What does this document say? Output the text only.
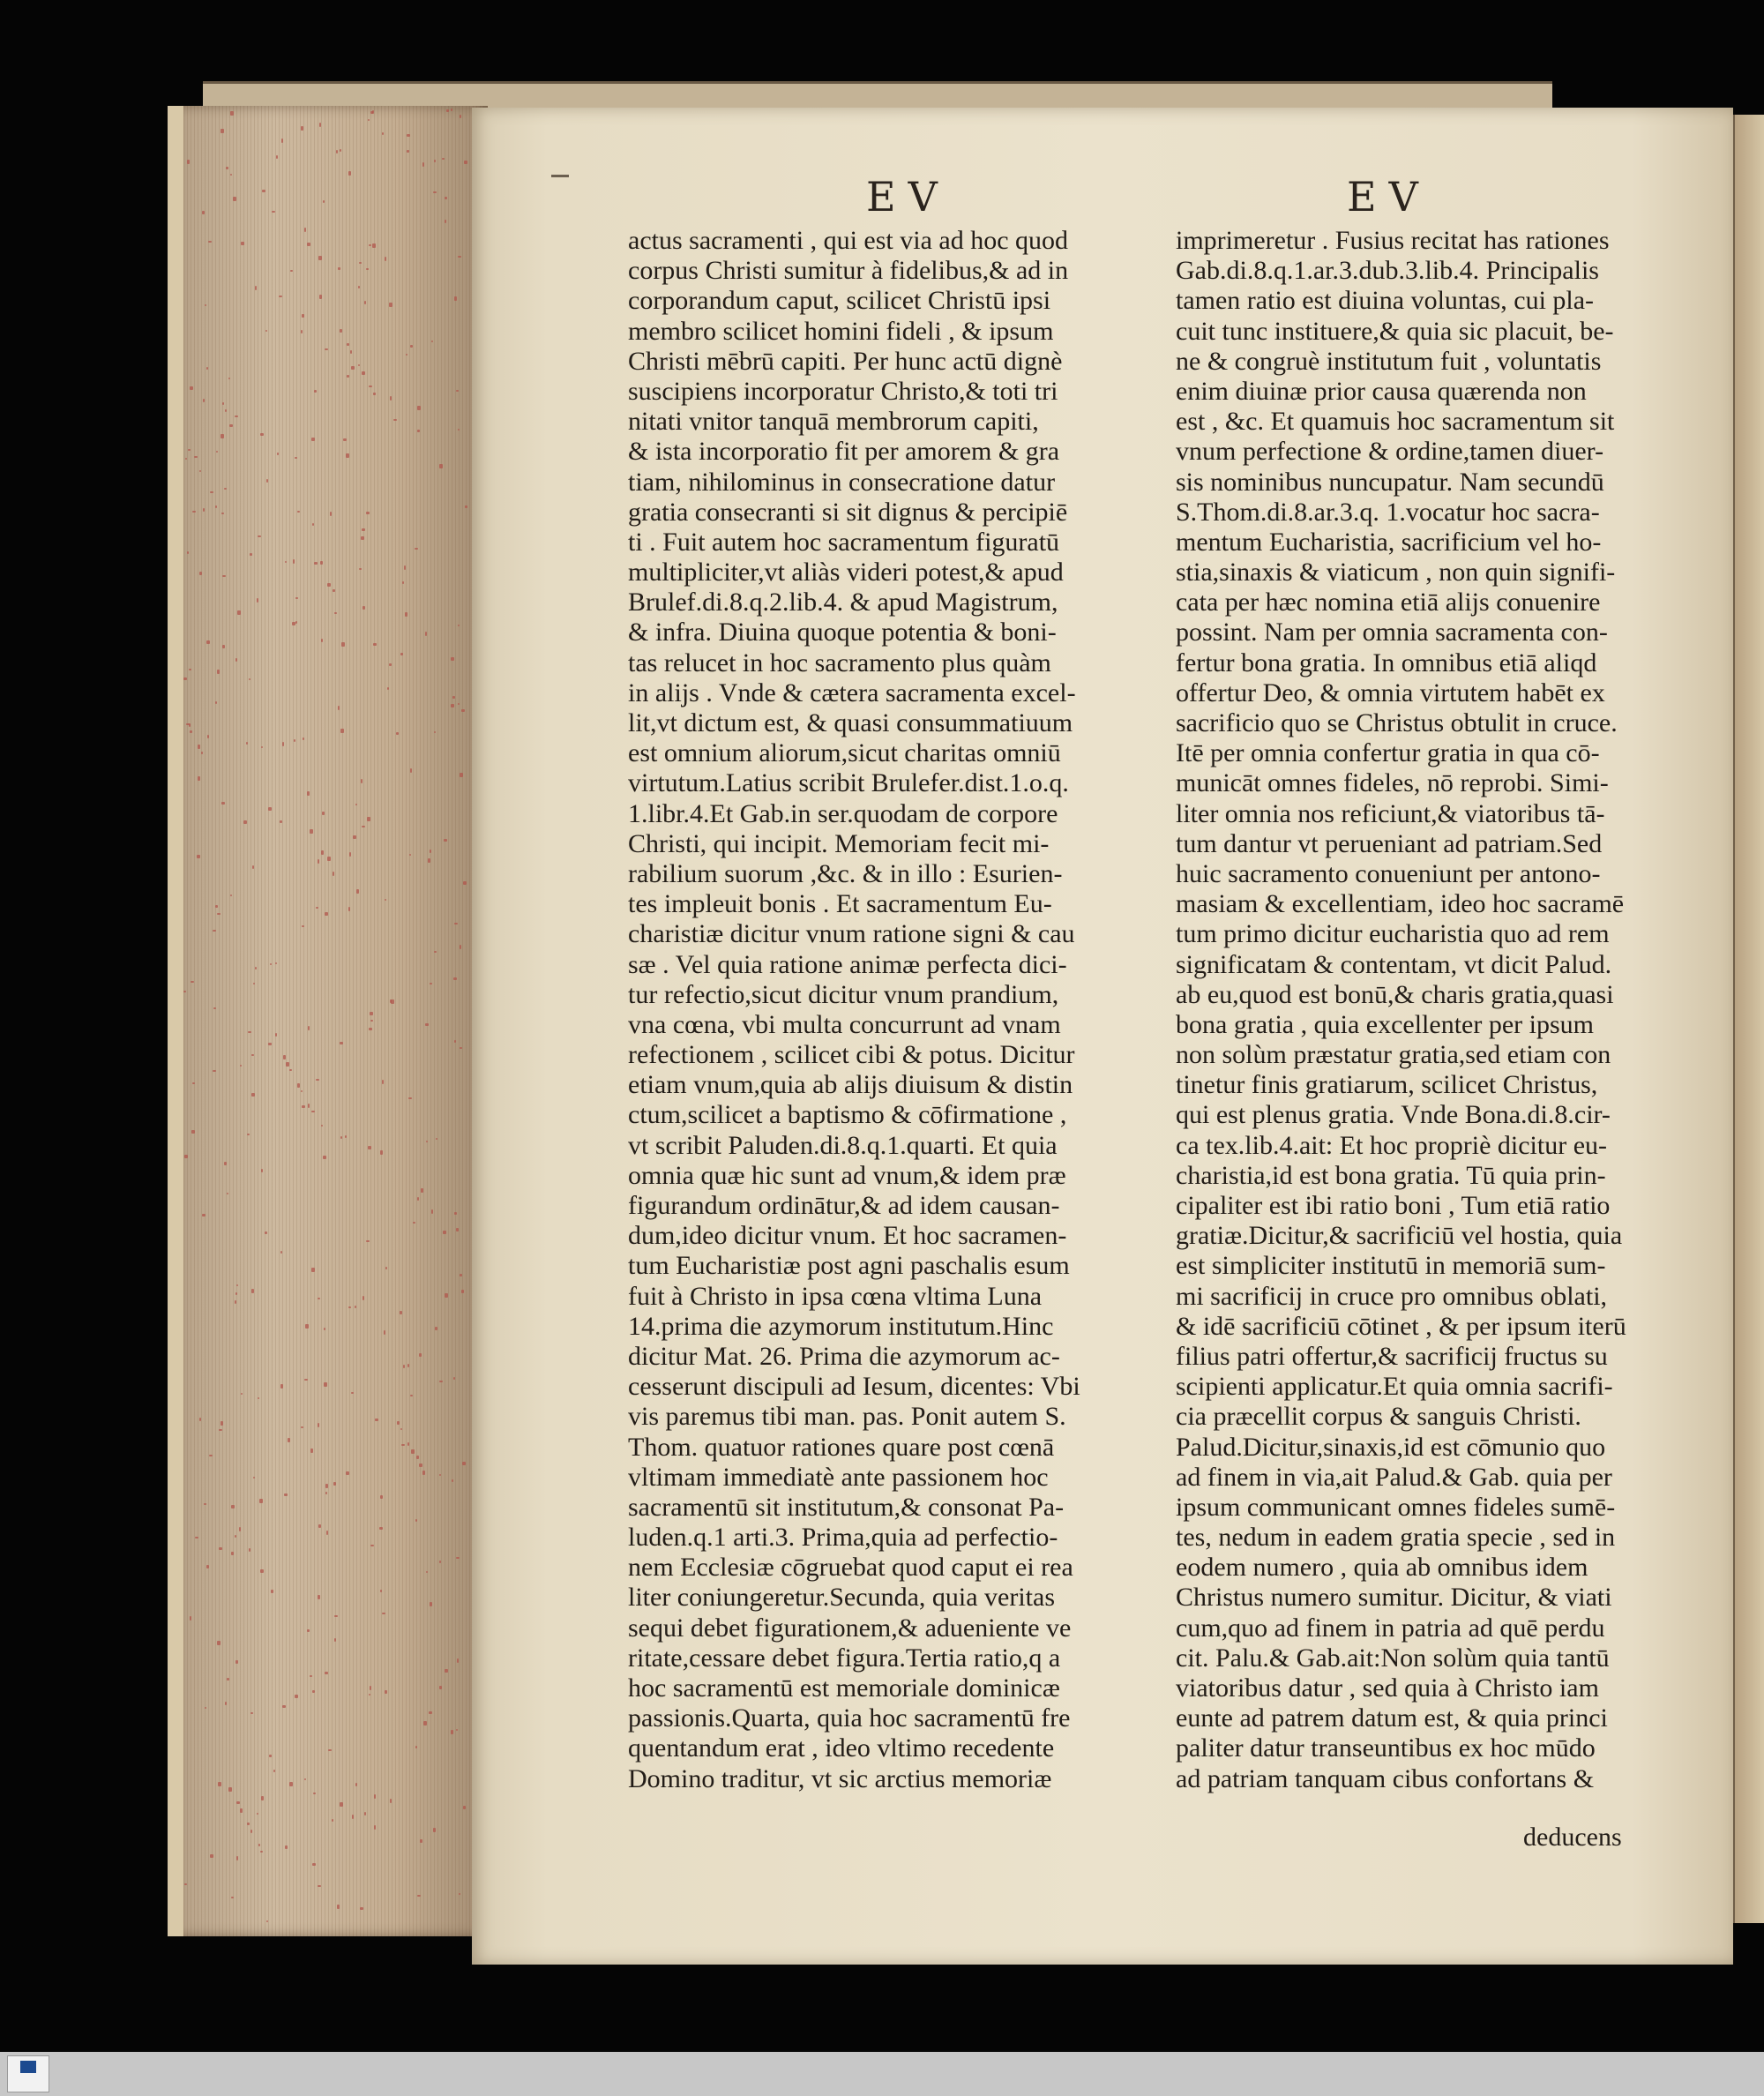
EV	EV
actus sacramenti , qui est via ad hoc quod
corpus Christi sumitur à fidelibus,& ad in
corporandum caput, scilicet Christū ipsi
membro scilicet homini fideli , & ipsum
Christi mēbrū capiti. Per hunc actū dignè
suscipiens incorporatur Christo,& toti tri
nitati vnitor tanquā membrorum capiti,
& ista incorporatio fit per amorem & gra
tiam, nihilominus in consecratione datur
gratia consecranti si sit dignus & percipiē
ti . Fuit autem hoc sacramentum figuratū
multipliciter,vt aliàs videri potest,& apud
Brulef.di.8.q.2.lib.4. & apud Magistrum,
& infra. Diuina quoque potentia & boni-
tas relucet in hoc sacramento plus quàm
in alijs . Vnde & cætera sacramenta excel-
lit,vt dictum est, & quasi consummatiuum
est omnium aliorum,sicut charitas omniū
virtutum.Latius scribit Brulefer.dist.1.o.q.
1.libr.4.Et Gab.in ser.quodam de corpore
Christi, qui incipit. Memoriam fecit mi-
rabilium suorum ,&c. & in illo : Esurien-
tes impleuit bonis . Et sacramentum Eu-
charistiæ dicitur vnum ratione signi & cau
sæ . Vel quia ratione animæ perfecta dici-
tur refectio,sicut dicitur vnum prandium,
vna cœna, vbi multa concurrunt ad vnam
refectionem , scilicet cibi & potus. Dicitur
etiam vnum,quia ab alijs diuisum & distin
ctum,scilicet a baptismo & cōfirmatione ,
vt scribit Paluden.di.8.q.1.quarti. Et quia
omnia quæ hic sunt ad vnum,& idem præ
figurandum ordinātur,& ad idem causan-
dum,ideo dicitur vnum. Et hoc sacramen-
tum Eucharistiæ post agni paschalis esum
fuit à Christo in ipsa cœna vltima Luna
14.prima die azymorum institutum.Hinc
dicitur Mat. 26. Prima die azymorum ac-
cesserunt discipuli ad Iesum, dicentes: Vbi
vis paremus tibi man. pas. Ponit autem S.
Thom. quatuor rationes quare post cœnā
vltimam immediatè ante passionem hoc
sacramentū sit institutum,& consonat Pa-
luden.q.1 arti.3. Prima,quia ad perfectio-
nem Ecclesiæ cōgruebat quod caput ei rea
liter coniungeretur.Secunda, quia veritas
sequi debet figurationem,& adueniente ve
ritate,cessare debet figura.Tertia ratio,q a
hoc sacramentū est memoriale dominicæ
passionis.Quarta, quia hoc sacramentū fre
quentandum erat , ideo vltimo recedente
Domino traditur, vt sic arctius memoriæ
imprimeretur . Fusius recitat has rationes
Gab.di.8.q.1.ar.3.dub.3.lib.4. Principalis
tamen ratio est diuina voluntas, cui pla-
cuit tunc instituere,& quia sic placuit, be-
ne & congruè institutum fuit , voluntatis
enim diuinæ prior causa quærenda non
est , &c. Et quamuis hoc sacramentum sit
vnum perfectione & ordine,tamen diuer-
sis nominibus nuncupatur. Nam secundū
S.Thom.di.8.ar.3.q. 1.vocatur hoc sacra-
mentum Eucharistia, sacrificium vel ho-
stia,sinaxis & viaticum , non quin signifi-
cata per hæc nomina etiā alijs conuenire
possint. Nam per omnia sacramenta con-
fertur bona gratia. In omnibus etiā aliqd
offertur Deo, & omnia virtutem habēt ex
sacrificio quo se Christus obtulit in cruce.
Itē per omnia confertur gratia in qua cō-
municāt omnes fideles, nō reprobi. Simi-
liter omnia nos reficiunt,& viatoribus tā-
tum dantur vt perueniant ad patriam.Sed
huic sacramento conueniunt per antono-
masiam & excellentiam, ideo hoc sacramē
tum primo dicitur eucharistia quo ad rem
significatam & contentam, vt dicit Palud.
ab eu,quod est bonū,& charis gratia,quasi
bona gratia , quia excellenter per ipsum
non solùm præstatur gratia,sed etiam con
tinetur finis gratiarum, scilicet Christus,
qui est plenus gratia. Vnde Bona.di.8.cir-
ca tex.lib.4.ait: Et hoc propriè dicitur eu-
charistia,id est bona gratia. Tū quia prin-
cipaliter est ibi ratio boni , Tum etiā ratio
gratiæ.Dicitur,& sacrificiū vel hostia, quia
est simpliciter institutū in memoriā sum-
mi sacrificij in cruce pro omnibus oblati,
& idē sacrificiū cōtinet , & per ipsum iterū
filius patri offertur,& sacrificij fructus su
scipienti applicatur.Et quia omnia sacrifi-
cia præcellit corpus & sanguis Christi.
Palud.Dicitur,sinaxis,id est cōmunio quo
ad finem in via,ait Palud.& Gab. quia per
ipsum communicant omnes fideles sumē-
tes, nedum in eadem gratia specie , sed in
eodem numero , quia ab omnibus idem
Christus numero sumitur. Dicitur, & viati
cum,quo ad finem in patria ad quē perdu
cit. Palu.& Gab.ait:Non solùm quia tantū
viatoribus datur , sed quia à Christo iam
eunte ad patrem datum est, & quia princi
paliter datur transeuntibus ex hoc mūdo
ad patriam tanquam cibus confortans &
deducens
